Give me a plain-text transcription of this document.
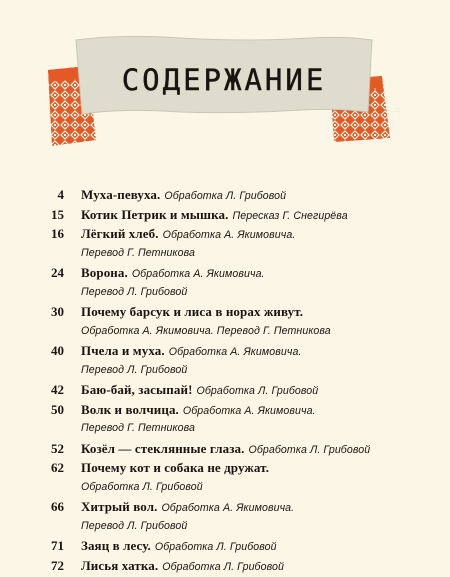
СОДЕРЖАНИЕ
4 Муха-певуха. Обработка Л. Грибовой
15 Котик Петрик и мышка. Пересказ Г. Снегирёва
16 Лёгкий хлеб. Обработка А. Якимовича.
Перевод Г. Петникова
24 Ворона. Обработка А. Якимовича.
Перевод Л. Грибовой
30 Почему барсук и лиса в норах живут.
Обработка А. Якимовича. Перевод Г. Петникова
40 Пчела и муха. Обработка А. Якимовича.
Перевод Л. Грибовой
42 Баю-бай, засыпай! Обработка Л. Грибовой
50 Волк и волчица. Обработка А. Якимовича.
Перевод Г. Петникова
52 Козёл — стеклянные глаза. Обработка Л. Грибовой
62 Почему кот и собака не дружат.
Обработка Л. Грибовой
66 Хитрый вол. Обработка А. Якимовича.
Перевод Л. Грибовой
71 Заяц в лесу. Обработка Л. Грибовой
72 Лисья хатка. Обработка Л. Грибовой
